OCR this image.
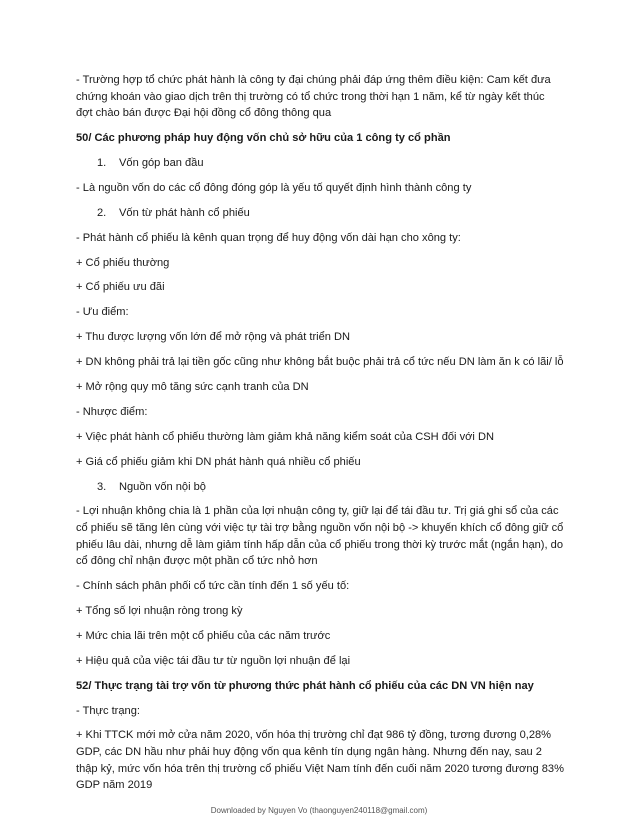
- Trường hợp tổ chức phát hành là công ty đại chúng phải đáp ứng thêm điều kiện: Cam kết đưa chứng khoán vào giao dịch trên thị trường có tổ chức trong thời hạn 1 năm, kể từ ngày kết thúc đợt chào bán được Đại hội đồng cổ đông thông qua

50/ Các phương pháp huy động vốn chủ sở hữu của 1 công ty cổ phần

1.	Vốn góp ban đầu

- Là nguồn vốn do các cổ đông đóng góp là yếu tố quyết định hình thành công ty

2.	Vốn từ phát hành cổ phiếu

- Phát hành cổ phiếu là kênh quan trọng để huy động vốn dài hạn cho xông ty:

+ Cổ phiếu thường

+ Cổ phiếu ưu đãi

- Ưu điểm:

+ Thu được lượng vốn lớn để mở rộng và phát triển DN

+ DN không phải trả lại tiền gốc cũng như không bắt buộc phải trả cổ tức nếu DN làm ăn k có lãi/ lỗ

+ Mở rộng quy mô tăng sức cạnh tranh của DN

- Nhược điểm:

+ Việc phát hành cổ phiếu thường làm giảm khả năng kiểm soát của CSH đối với DN

+ Giá cổ phiếu giảm khi DN phát hành quá nhiều cổ phiếu

3.	Nguồn vốn nội bộ

- Lợi nhuận không chia là 1 phần của lợi nhuận công ty, giữ lại để tái đầu tư. Trị giá ghi sổ của các cổ phiếu sẽ tăng lên cùng với việc tự tài trợ bằng nguồn vốn nội bộ -> khuyến khích cổ đông giữ cổ phiếu lâu dài, nhưng dễ làm giảm tính hấp dẫn của cổ phiếu trong thời kỳ trước mắt (ngắn hạn), do cổ đông chỉ nhận được một phần cổ tức nhỏ hơn

- Chính sách phân phối cổ tức cần tính đến 1 số yếu tố:

+ Tổng số lợi nhuận ròng trong kỳ

+ Mức chia lãi trên một cổ phiếu của các năm trước

+ Hiệu quả của việc tái đầu tư từ nguồn lợi nhuận để lại

52/ Thực trạng tài trợ vốn từ phương thức phát hành cổ phiếu của các DN VN hiện nay

- Thực trạng:

+ Khi TTCK mới mở cửa năm 2020, vốn hóa thị trường chỉ đạt 986 tỷ đồng, tương đương 0,28% GDP, các DN hầu như phải huy động vốn qua kênh tín dụng ngân hàng. Nhưng đến nay, sau 2 thập kỷ, mức vốn hóa trên thị trường cổ phiếu Việt Nam tính đến cuối năm 2020 tương đương 83% GDP năm 2019

Downloaded by Nguyen Vo (thaonguyen240118@gmail.com)
